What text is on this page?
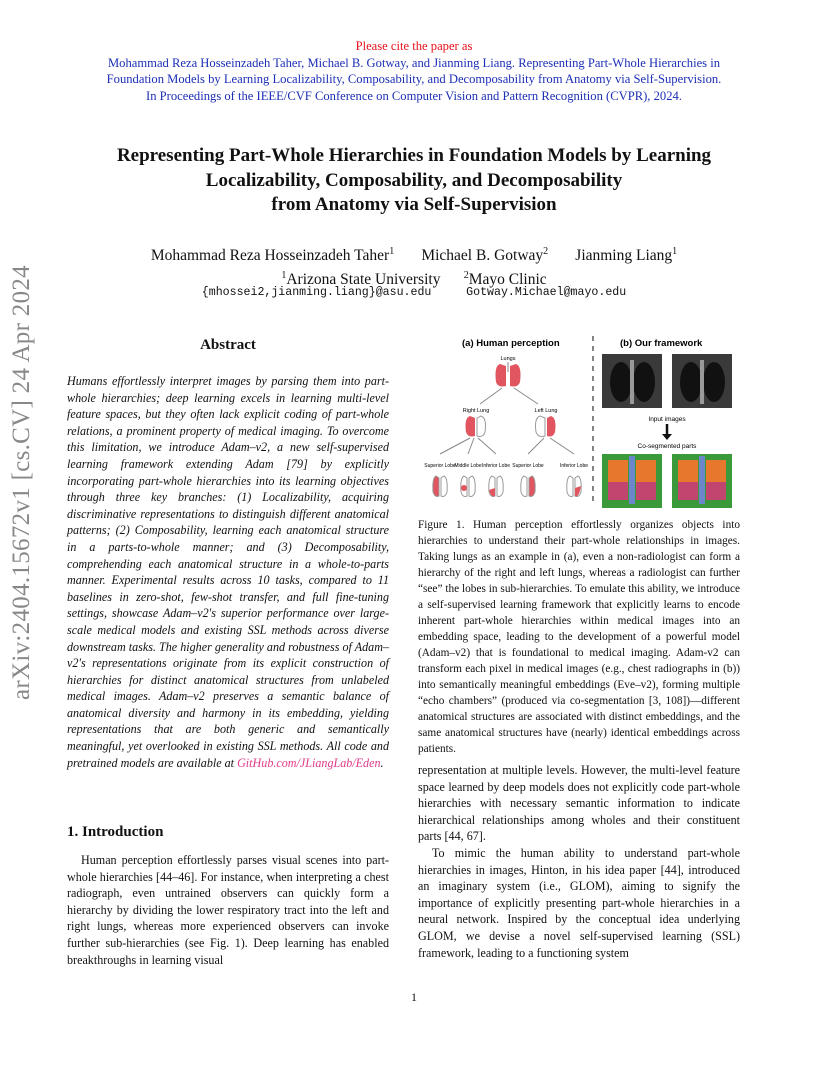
Please cite the paper as
Mohammad Reza Hosseinzadeh Taher, Michael B. Gotway, and Jianming Liang. Representing Part-Whole Hierarchies in
Foundation Models by Learning Localizability, Composability, and Decomposability from Anatomy via Self-Supervision.
In Proceedings of the IEEE/CVF Conference on Computer Vision and Pattern Recognition (CVPR), 2024.
Representing Part-Whole Hierarchies in Foundation Models by Learning
Localizability, Composability, and Decomposability
from Anatomy via Self-Supervision
Mohammad Reza Hosseinzadeh Taher$^1$ Michael B. Gotway$^2$ Jianming Liang$^1$
$^1$Arizona State University $^2$Mayo Clinic
{mhossei2,jianming.liang}@asu.edu	Gotway.Michael@mayo.edu
arXiv:2404.15672v1 [cs.CV] 24 Apr 2024	Abstract
Humans effortlessly interpret images by parsing them into part-whole hierarchies; deep learning excels in learning multi-level feature spaces, but they often lack explicit coding of part-whole relations, a prominent property of medical imaging. To overcome this limitation, we introduce Adam–v2, a new self-supervised learning framework extending Adam [79] by explicitly incorporating part-whole hierarchies into its learning objectives through three key branches: (1) Localizability, acquiring discriminative representations to distinguish different anatomical patterns; (2) Composability, learning each anatomical structure in a parts-to-whole manner; and (3) Decomposability, comprehending each anatomical structure in a whole-to-parts manner. Experimental results across 10 tasks, compared to 11 baselines in zero-shot, few-shot transfer, and full fine-tuning settings, showcase Adam–v2's superior performance over large-scale medical models and existing SSL methods across diverse downstream tasks. The higher generality and robustness of Adam–v2's representations originate from its explicit construction of hierarchies for distinct anatomical structures from unlabeled medical images. Adam–v2 preserves a semantic balance of anatomical diversity and harmony in its embedding, yielding representations that are both generic and semantically meaningful, yet overlooked in existing SSL methods. All code and pretrained models are available at GitHub.com/JLiangLab/Eden.
1. Introduction
Human perception effortlessly parses visual scenes into part-whole hierarchies [44–46]. For instance, when interpreting a chest radiograph, even untrained observers can quickly form a hierarchy by dividing the lower respiratory tract into the left and right lungs, whereas more experienced observers can invoke further sub-hierarchies (see Fig. 1). Deep learning has enabled breakthroughs in learning visual
(a) Human perception	(b) Our framework
Lungs
Right Lung	Left Lung
Superior Lobe
Middle Lobe Inferior Lobe Superior Lobe	Inferior Lobe
Input images
Co-segmented parts
Figure 1. Human perception effortlessly organizes objects into hierarchies to understand their part-whole relationships in images. Taking lungs as an example in (a), even a non-radiologist can form a hierarchy of the right and left lungs, whereas a radiologist can further “see” the lobes in sub-hierarchies. To emulate this ability, we introduce a self-supervised learning framework that explicitly learns to encode inherent part-whole hierarchies within medical images into an embedding space, leading to the development of a powerful model (Adam–v2) that is foundational to medical imaging. Adam-v2 can transform each pixel in medical images (e.g., chest radiographs in (b)) into semantically meaningful embeddings (Eve–v2), forming multiple “echo chambers” (produced via co-segmentation [3, 108])—different anatomical structures are associated with distinct embeddings, and the same anatomical structures have (nearly) identical embeddings across patients.
representation at multiple levels. However, the multi-level feature space learned by deep models does not explicitly code part-whole hierarchies with necessary semantic information to indicate hierarchical relationships among wholes and their constituent parts [44, 67].
To mimic the human ability to understand part-whole hierarchies in images, Hinton, in his idea paper [44], introduced an imaginary system (i.e., GLOM), aiming to signify the importance of explicitly presenting part-whole hierarchies in a neural network. Inspired by the conceptual idea underlying GLOM, we devise a novel self-supervised learning (SSL) framework, leading to a functioning system
1
